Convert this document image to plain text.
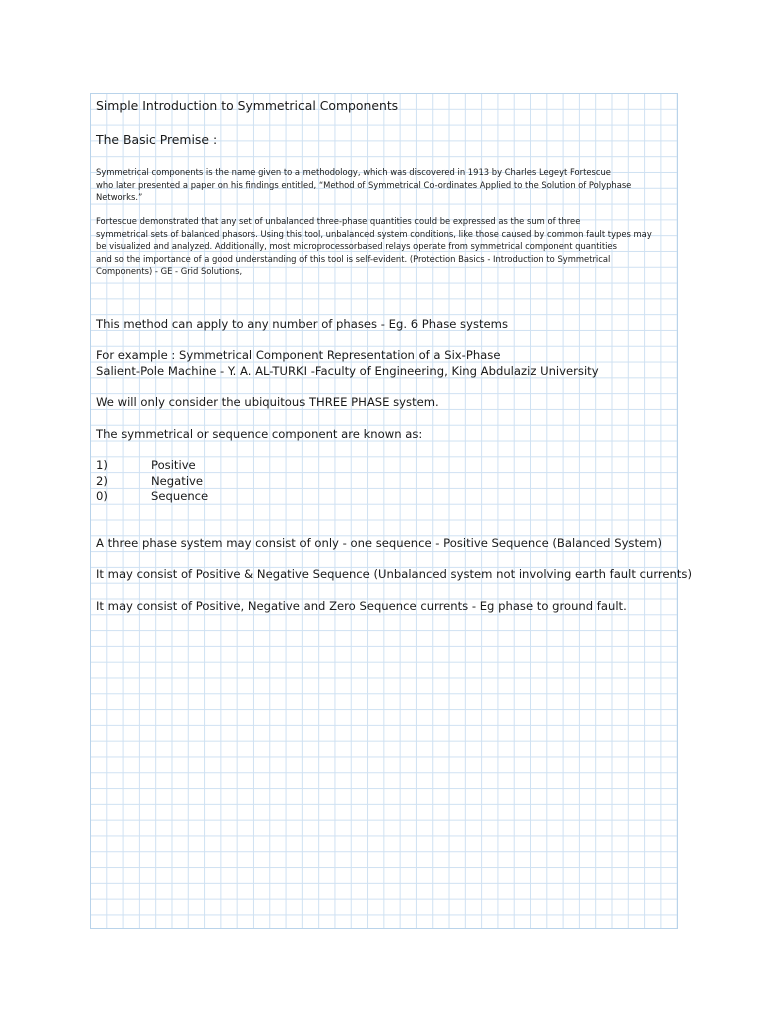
Simple Introduction to Symmetrical Components
The Basic Premise :
Symmetrical components is the name given to a methodology, which was discovered in 1913 by Charles Legeyt Fortescue
who later presented a paper on his findings entitled, “Method of Symmetrical Co-ordinates Applied to the Solution of Polyphase
Networks.”
Fortescue demonstrated that any set of unbalanced three-phase quantities could be expressed as the sum of three
symmetrical sets of balanced phasors. Using this tool, unbalanced system conditions, like those caused by common fault types may
be visualized and analyzed. Additionally, most microprocessorbased relays operate from symmetrical component quantities
and so the importance of a good understanding of this tool is self-evident. (Protection Basics - Introduction to Symmetrical
Components) - GE - Grid Solutions,
This method can apply to any number of phases - Eg. 6 Phase systems
For example : Symmetrical Component Representation of a Six-Phase
Salient-Pole Machine - Y. A. AL-TURKI -Faculty of Engineering, King Abdulaziz University
We will only consider the ubiquitous THREE PHASE system.
The symmetrical or sequence component are known as:
1)	Positive
2)	Negative
0)	Sequence
A three phase system may consist of only - one sequence - Positive Sequence (Balanced System)
It may consist of Positive & Negative Sequence (Unbalanced system not involving earth fault currents)
It may consist of Positive, Negative and Zero Sequence currents - Eg phase to ground fault.
